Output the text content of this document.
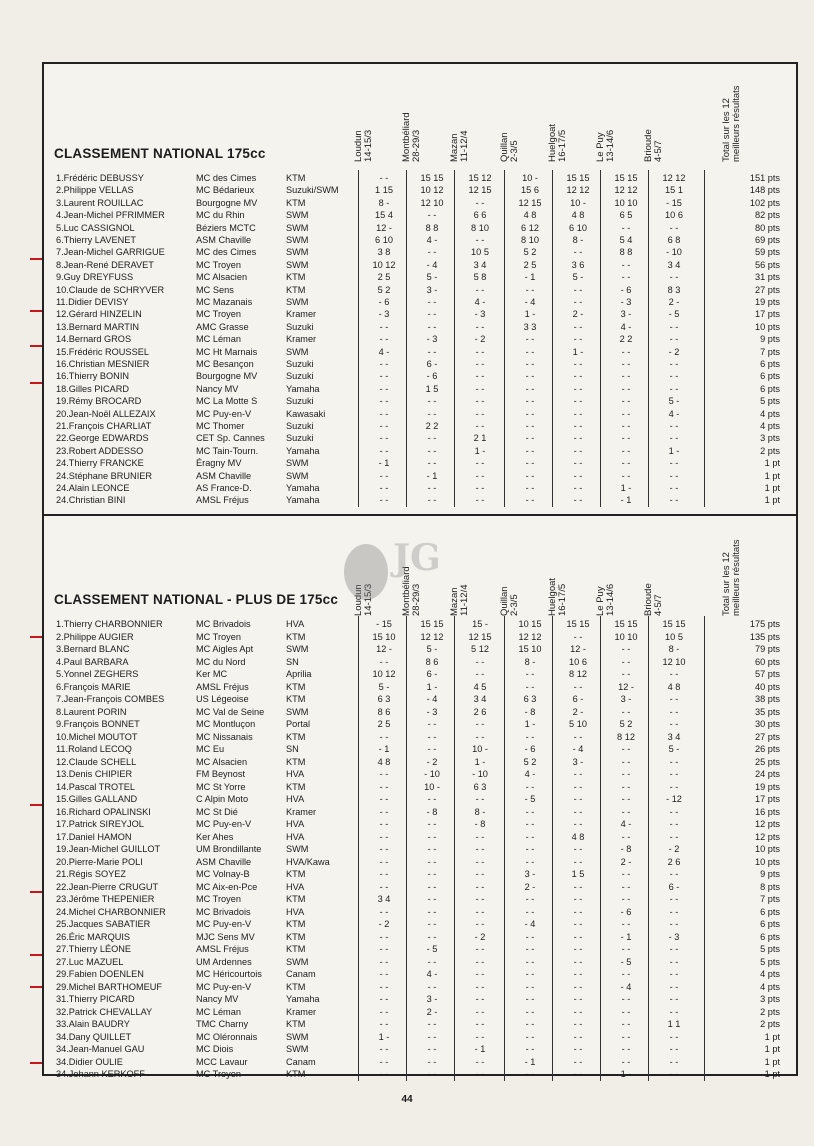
CLASSEMENT NATIONAL 175cc	Loudun 14-15/3	Montbéliard 28-29/3	Mazan 11-12/4	Quillan 2-3/5	Huelgoat 16-17/5	Le Puy 13-14/6	Brioude 4-5/7	Total sur les 12 meilleurs résultats
1.Frédéric DEBUSSY	MC des Cimes	KTM	- -	15 15	15 12	10 -	15 15	15 15	12 12	151 pts
2.Philippe VELLAS	MC Bédarieux	Suzuki/SWM	1 15	10 12	12 15	15 6	12 12	12 12	15 1	148 pts
3.Laurent ROUILLAC	Bourgogne MV	KTM	8 -	12 10	- -	12 15	10 -	10 10	- 15	102 pts
4.Jean-Michel PFRIMMER	MC du Rhin	SWM	15 4	- -	6 6	4 8	4 8	6 5	10 6	82 pts
5.Luc CASSIGNOL	Béziers MCTC	SWM	12 -	8 8	8 10	6 12	6 10	- -	- -	80 pts
6.Thierry LAVENET	ASM Chaville	SWM	6 10	4 -	- -	8 10	8 -	5 4	6 8	69 pts
7.Jean-Michel GARRIGUE	MC des Cimes	SWM	3 8	- -	10 5	5 2	- -	8 8	- 10	59 pts
8.Jean-René DERAVET	MC Troyen	SWM	10 12	- 4	3 4	2 5	3 6	- -	3 4	56 pts
9.Guy DREYFUSS	MC Alsacien	KTM	2 5	5 -	5 8	- 1	5 -	- -	- -	31 pts
10.Claude de SCHRYVER	MC Sens	KTM	5 2	3 -	- -	- -	- -	- 6	8 3	27 pts
11.Didier DEVISY	MC Mazanais	SWM	- 6	- -	4 -	- 4	- -	- 3	2 -	19 pts
12.Gérard HINZELIN	MC Troyen	Kramer	- 3	- -	- 3	1 -	2 -	3 -	- 5	17 pts
13.Bernard MARTIN	AMC Grasse	Suzuki	- -	- -	- -	3 3	- -	4 -	- -	10 pts
14.Bernard GROS	MC Léman	Kramer	- -	- 3	- 2	- -	- -	2 2	- -	9 pts
15.Frédéric ROUSSEL	MC Ht Marnais	SWM	4 -	- -	- -	- -	1 -	- -	- 2	7 pts
16.Christian MESNIER	MC Besançon	Suzuki	- -	6 -	- -	- -	- -	- -	- -	6 pts
16.Thierry BONIN	Bourgogne MV	Suzuki	- -	- 6	- -	- -	- -	- -	- -	6 pts
18.Gilles PICARD	Nancy MV	Yamaha	- -	1 5	- -	- -	- -	- -	- -	6 pts
19.Rémy BROCARD	MC La Motte S	Suzuki	- -	- -	- -	- -	- -	- -	5 -	5 pts
20.Jean-Noël ALLEZAIX	MC Puy-en-V	Kawasaki	- -	- -	- -	- -	- -	- -	4 -	4 pts
21.François CHARLIAT	MC Thomer	Suzuki	- -	2 2	- -	- -	- -	- -	- -	4 pts
22.George EDWARDS	CET Sp. Cannes	Suzuki	- -	- -	2 1	- -	- -	- -	- -	3 pts
23.Robert ADDESSO	MC Tain-Tourn.	Yamaha	- -	- -	1 -	- -	- -	- -	1 -	2 pts
24.Thierry FRANCKE	Éragny MV	SWM	- 1	- -	- -	- -	- -	- -	- -	1 pt
24.Stéphane BRUNIER	ASM Chaville	SWM	- -	- 1	- -	- -	- -	- -	- -	1 pt
24.Alain LEONCE	AS France-D.	Yamaha	- -	- -	- -	- -	- -	1 -	- -	1 pt
24.Christian BINI	AMSL Fréjus	Yamaha	- -	- -	- -	- -	- -	- 1	- -	1 pt
CLASSEMENT NATIONAL - PLUS DE 175cc Loudun 14-15/3	Montbéliard 28-29/3	Mazan 11-12/4	Quillan 2-3/5	Huelgoat 16-17/5	Le Puy 13-14/6	Brioude 4-5/7	Total sur les 12 meilleurs résultats
1.Thierry CHARBONNIER	MC Brivadois	HVA	- 15	15 15	15 -	10 15	15 15	15 15	15 15	175 pts
2.Philippe AUGIER	MC Troyen	KTM	15 10	12 12	12 15	12 12	- -	10 10	10 5	135 pts
3.Bernard BLANC	MC Aigles Apt	SWM	12 -	5 -	5 12	15 10	12 -	- -	8 -	79 pts
4.Paul BARBARA	MC du Nord	SN	- -	8 6	- -	8 -	10 6	- -	12 10	60 pts
5.Yonnel ZEGHERS	Ker MC	Aprilia	10 12	6 -	- -	- -	8 12	- -	- -	57 pts
6.François MARIE	AMSL Fréjus	KTM	5 -	1 -	4 5	- -	- -	12 -	4 8	40 pts
7.Jean-François COMBES	US Légeoise	KTM	6 3	- 4	3 4	6 3	6 -	3 -	- -	38 pts
8.Laurent PORIN	MC Val de Seine	SWM	8 6	- 3	2 6	- 8	2 -	- -	- -	35 pts
9.François BONNET	MC Montluçon	Portal	2 5	- -	- -	1 -	5 10	5 2	- -	30 pts
10.Michel MOUTOT	MC Nissanais	KTM	- -	- -	- -	- -	- -	8 12	3 4	27 pts
11.Roland LECOQ	MC Eu	SN	- 1	- -	10 -	- 6	- 4	- -	5 -	26 pts
12.Claude SCHELL	MC Alsacien	KTM	4 8	- 2	1 -	5 2	3 -	- -	- -	25 pts
13.Denis CHIPIER	FM Beynost	HVA	- -	- 10	- 10	4 -	- -	- -	- -	24 pts
14.Pascal TROTEL	MC St Yorre	KTM	- -	10 -	6 3	- -	- -	- -	- -	19 pts
15.Gilles GALLAND	C Alpin Moto	HVA	- -	- -	- -	- 5	- -	- -	- 12	17 pts
16.Richard OPALINSKI	MC St Dié	Kramer	- -	- 8	8 -	- -	- -	- -	- -	16 pts
17.Patrick SIREYJOL	MC Puy-en-V	HVA	- -	- -	- 8	- -	- -	4 -	- -	12 pts
17.Daniel HAMON	Ker Ahes	HVA	- -	- -	- -	- -	4 8	- -	- -	12 pts
19.Jean-Michel GUILLOT	UM Brondillante	SWM	- -	- -	- -	- -	- -	- 8	- 2	10 pts
20.Pierre-Marie POLI	ASM Chaville	HVA/Kawa	- -	- -	- -	- -	- -	2 -	2 6	10 pts
21.Régis SOYEZ	MC Volnay-B	KTM	- -	- -	- -	3 -	1 5	- -	- -	9 pts
22.Jean-Pierre CRUGUT	MC Aix-en-Pce	HVA	- -	- -	- -	2 -	- -	- -	6 -	8 pts
23.Jérôme THEPENIER	MC Troyen	KTM	3 4	- -	- -	- -	- -	- -	- -	7 pts
24.Michel CHARBONNIER	MC Brivadois	HVA	- -	- -	- -	- -	- -	- 6	- -	6 pts
25.Jacques SABATIER	MC Puy-en-V	KTM	- 2	- -	- -	- 4	- -	- -	- -	6 pts
26.Éric MARQUIS	MJC Sens MV	KTM	- -	- -	- 2	- -	- -	- 1	- 3	6 pts
27.Thierry LÉONE	AMSL Fréjus	KTM	- -	- 5	- -	- -	- -	- -	- -	5 pts
27.Luc MAZUEL	UM Ardennes	SWM	- -	- -	- -	- -	- -	- 5	- -	5 pts
29.Fabien DOENLEN	MC Héricourtois	Canam	- -	4 -	- -	- -	- -	- -	- -	4 pts
29.Michel BARTHOMEUF	MC Puy-en-V	KTM	- -	- -	- -	- -	- -	- 4	- -	4 pts
31.Thierry PICARD	Nancy MV	Yamaha	- -	3 -	- -	- -	- -	- -	- -	3 pts
32.Patrick CHEVALLAY	MC Léman	Kramer	- -	2 -	- -	- -	- -	- -	- -	2 pts
33.Alain BAUDRY	TMC Charny	KTM	- -	- -	- -	- -	- -	- -	1 1	2 pts
34.Dany QUILLET	MC Oléronnais	SWM	1 -	- -	- -	- -	- -	- -	- -	1 pt
34.Jean-Manuel GAU	MC Diois	SWM	- -	- -	- 1	- -	- -	- -	- -	1 pt
34.Didier OULIE	MCC Lavaur	Canam	- -	- -	- -	- 1	- -	- -	- -	1 pt
34.Johann KERKOFF	MC Troyen	KTM	- -	- -	- -	- -	- -	1 -	- -	1 pt
JG
44
